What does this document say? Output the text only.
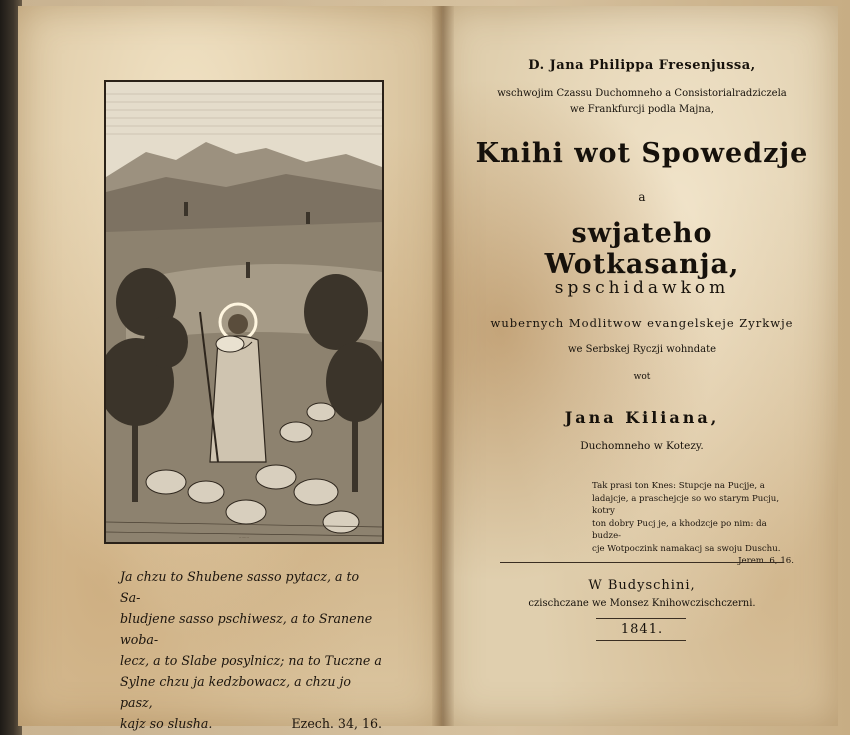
........
Ja chzu to Shubene sasso pytacz, a to Sa-
bludjene sasso pschiwesz, a to Sranene woba-
lecz, a to Slabe posylnicz; na to Tuczne a
Sylne chzu ja kedzbowacz, a chzu jo pasz,
kajz so slusha.	Ezech. 34, 16.
D. Jana Philippa Fresenjussa,
wschwojim Czassu Duchomneho a Consistorialradziczela
we Frankfurcji podla Majna,
Knihi wot Spowedzje
a
swjateho Wotkasanja,
spschidawkom
wubernych Modlitwow evangelskeje Zyrkwje
we Serbskej Ryczji wohndate
wot
Jana Kiliana,
Duchomneho w Kotezy.
Tak prasi ton Knes: Stupcje na Pucjje, a
ladajcje, a praschejcje so wo starym Pucju, kotry
ton dobry Pucj je, a khodzcje po nim: da budze-
cje Wotpoczink namakacj sa swoju Duschu.
Jerem. 6, 16.
W Budyschini,
czischczane we Monsez Knihowczischczerni.
1841.
